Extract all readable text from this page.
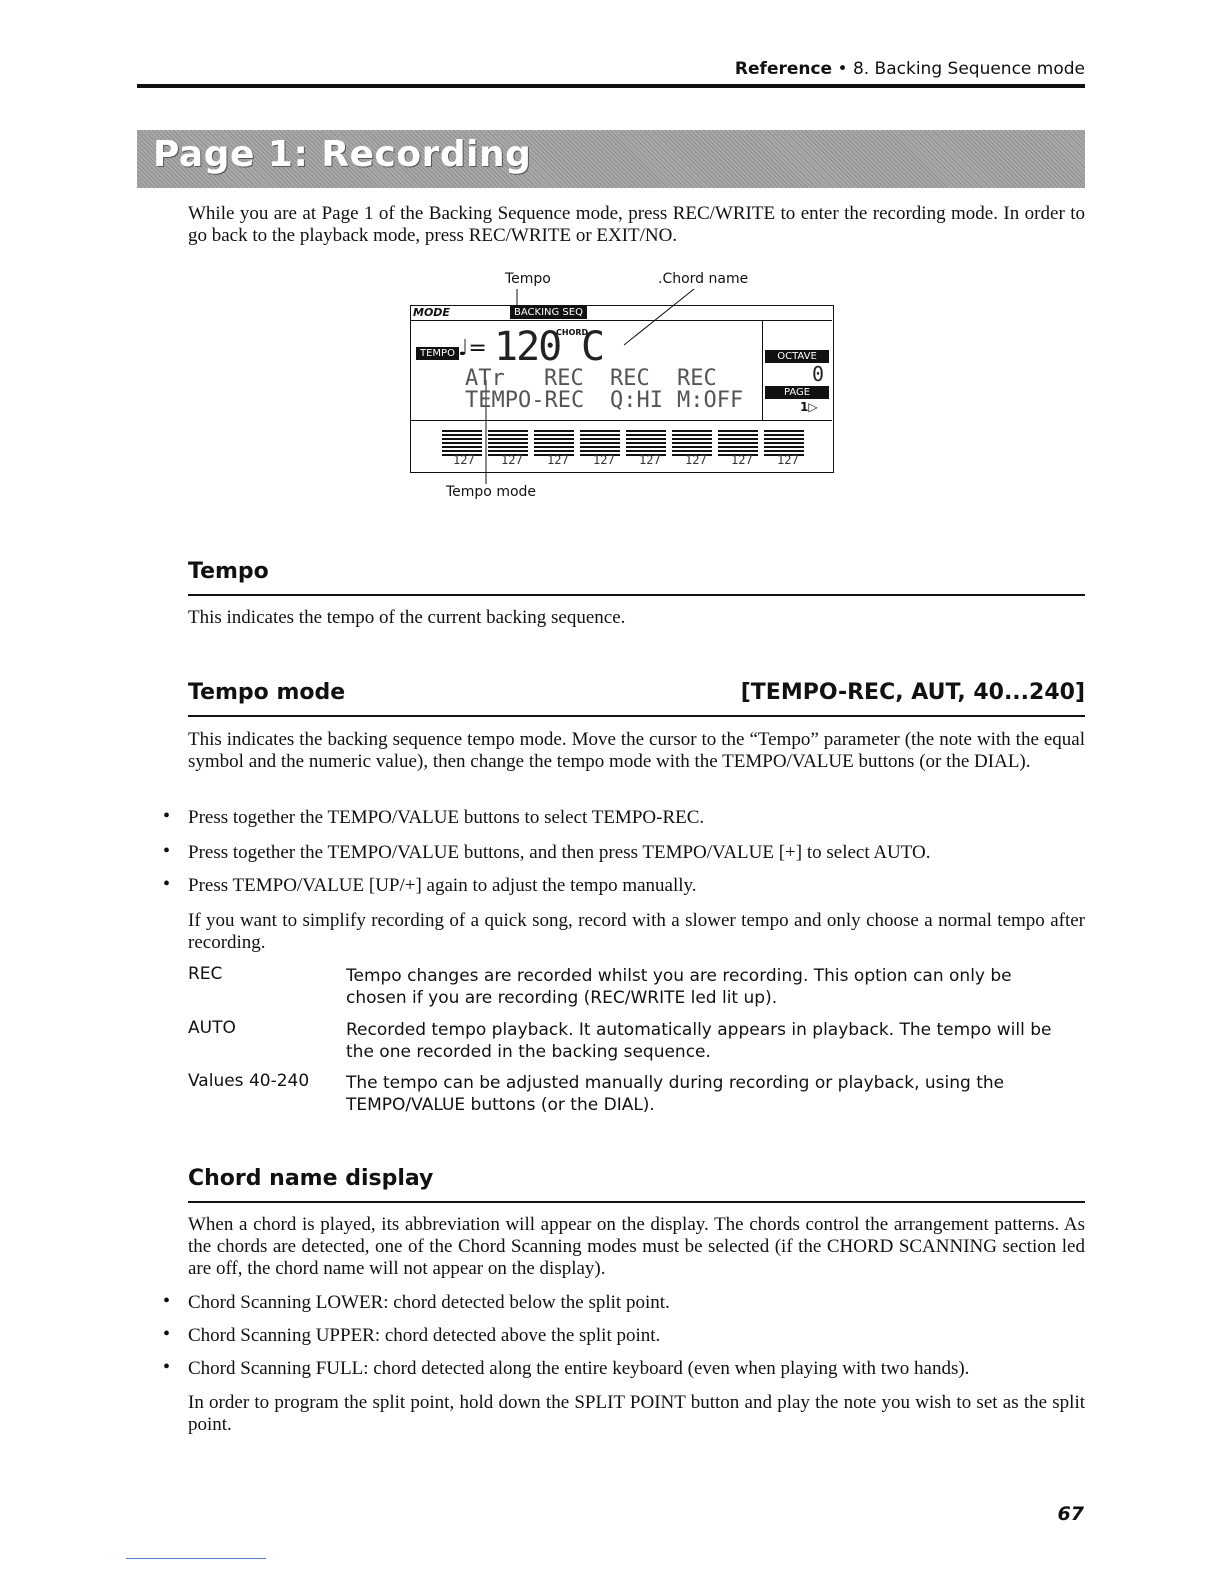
Reference • 8. Backing Sequence mode
Page 1: Recording
While you are at Page 1 of the Backing Sequence mode, press REC/WRITE to enter the recording mode. In order to go back to the playback mode, press REC/WRITE or EXIT/NO.
Tempo	.Chord name
Tempo mode
MODE	BACKING SEQ
TEMPO ♩= 120
CHORD
C
ATr REC REC REC
TEMPO-REC Q:HI M:OFF
OCTAVE
0
PAGE
1▷
127 127 127 127 127 127 127 127
Tempo
This indicates the tempo of the current backing sequence.
Tempo mode	[TEMPO-REC, AUT, 40...240]
This indicates the backing sequence tempo mode. Move the cursor to the “Tempo” parameter (the note with the equal symbol and the numeric value), then change the tempo mode with the TEMPO/VALUE buttons (or the DIAL).
• Press together the TEMPO/VALUE buttons to select TEMPO-REC.
• Press together the TEMPO/VALUE buttons, and then press TEMPO/VALUE [+] to select AUTO.
• Press TEMPO/VALUE [UP/+] again to adjust the tempo manually.
If you want to simplify recording of a quick song, record with a slower tempo and only choose a normal tempo after recording.
REC	Tempo changes are recorded whilst you are recording. This option can only be chosen if you are recording (REC/WRITE led lit up).
AUTO	Recorded tempo playback. It automatically appears in playback. The tempo will be the one recorded in the backing sequence.
Values 40-240 The tempo can be adjusted manually during recording or playback, using the TEMPO/VALUE buttons (or the DIAL).
Chord name display
When a chord is played, its abbreviation will appear on the display. The chords control the arrangement patterns. As the chords are detected, one of the Chord Scanning modes must be selected (if the CHORD SCANNING section led are off, the chord name will not appear on the display).
• Chord Scanning LOWER: chord detected below the split point.
• Chord Scanning UPPER: chord detected above the split point.
• Chord Scanning FULL: chord detected along the entire keyboard (even when playing with two hands).
In order to program the split point, hold down the SPLIT POINT button and play the note you wish to set as the split point.
67
